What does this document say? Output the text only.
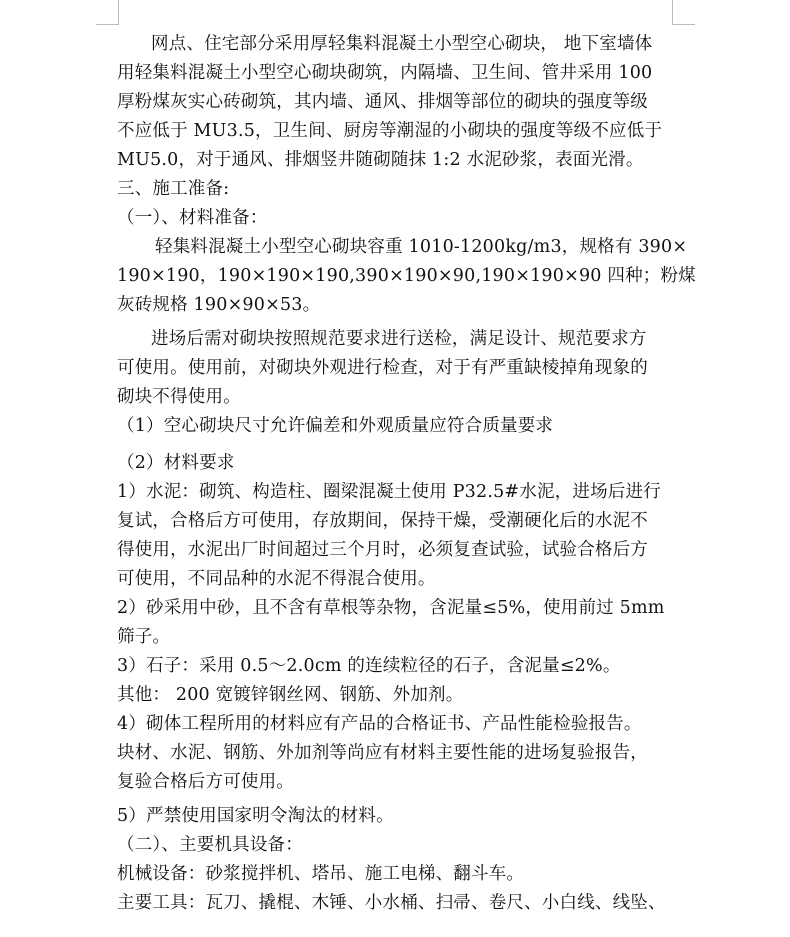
网点、住宅部分采用厚轻集料混凝土小型空心砌块， 地下室墙体
用轻集料混凝土小型空心砌块砌筑，内隔墙、卫生间、管井采用 100
厚粉煤灰实心砖砌筑，其内墙、通风、排烟等部位的砌块的强度等级
不应低于 MU3.5，卫生间、厨房等潮湿的小砌块的强度等级不应低于
MU5.0，对于通风、排烟竖井随砌随抹 1:2 水泥砂浆，表面光滑。
三、施工准备:
（一）、材料准备：
轻集料混凝土小型空心砌块容重 1010-1200kg/m3，规格有 390×
190×190，190×190×190,390×190×90,190×190×90 四种；粉煤
灰砖规格 190×90×53。
进场后需对砌块按照规范要求进行送检，满足设计、规范要求方
可使用。使用前，对砌块外观进行检查，对于有严重缺棱掉角现象的
砌块不得使用。
（1）空心砌块尺寸允许偏差和外观质量应符合质量要求
（2）材料要求
1）水泥：砌筑、构造柱、圈梁混凝土使用 P32.5#水泥，进场后进行
复试，合格后方可使用，存放期间，保持干燥，受潮硬化后的水泥不
得使用，水泥出厂时间超过三个月时，必须复查试验，试验合格后方
可使用，不同品种的水泥不得混合使用。
2）砂采用中砂，且不含有草根等杂物，含泥量≤5%，使用前过 5mm
筛子。
3）石子：采用 0.5～2.0cm 的连续粒径的石子，含泥量≤2%。
其他： 200 宽镀锌钢丝网、钢筋、外加剂。
4）砌体工程所用的材料应有产品的合格证书、产品性能检验报告。
块材、水泥、钢筋、外加剂等尚应有材料主要性能的进场复验报告，
复验合格后方可使用。
5）严禁使用国家明令淘汰的材料。
（二）、主要机具设备：
机械设备：砂浆搅拌机、塔吊、施工电梯、翻斗车。
主要工具：瓦刀、撬棍、木锤、小水桶、扫帚、卷尺、小白线、线坠、
